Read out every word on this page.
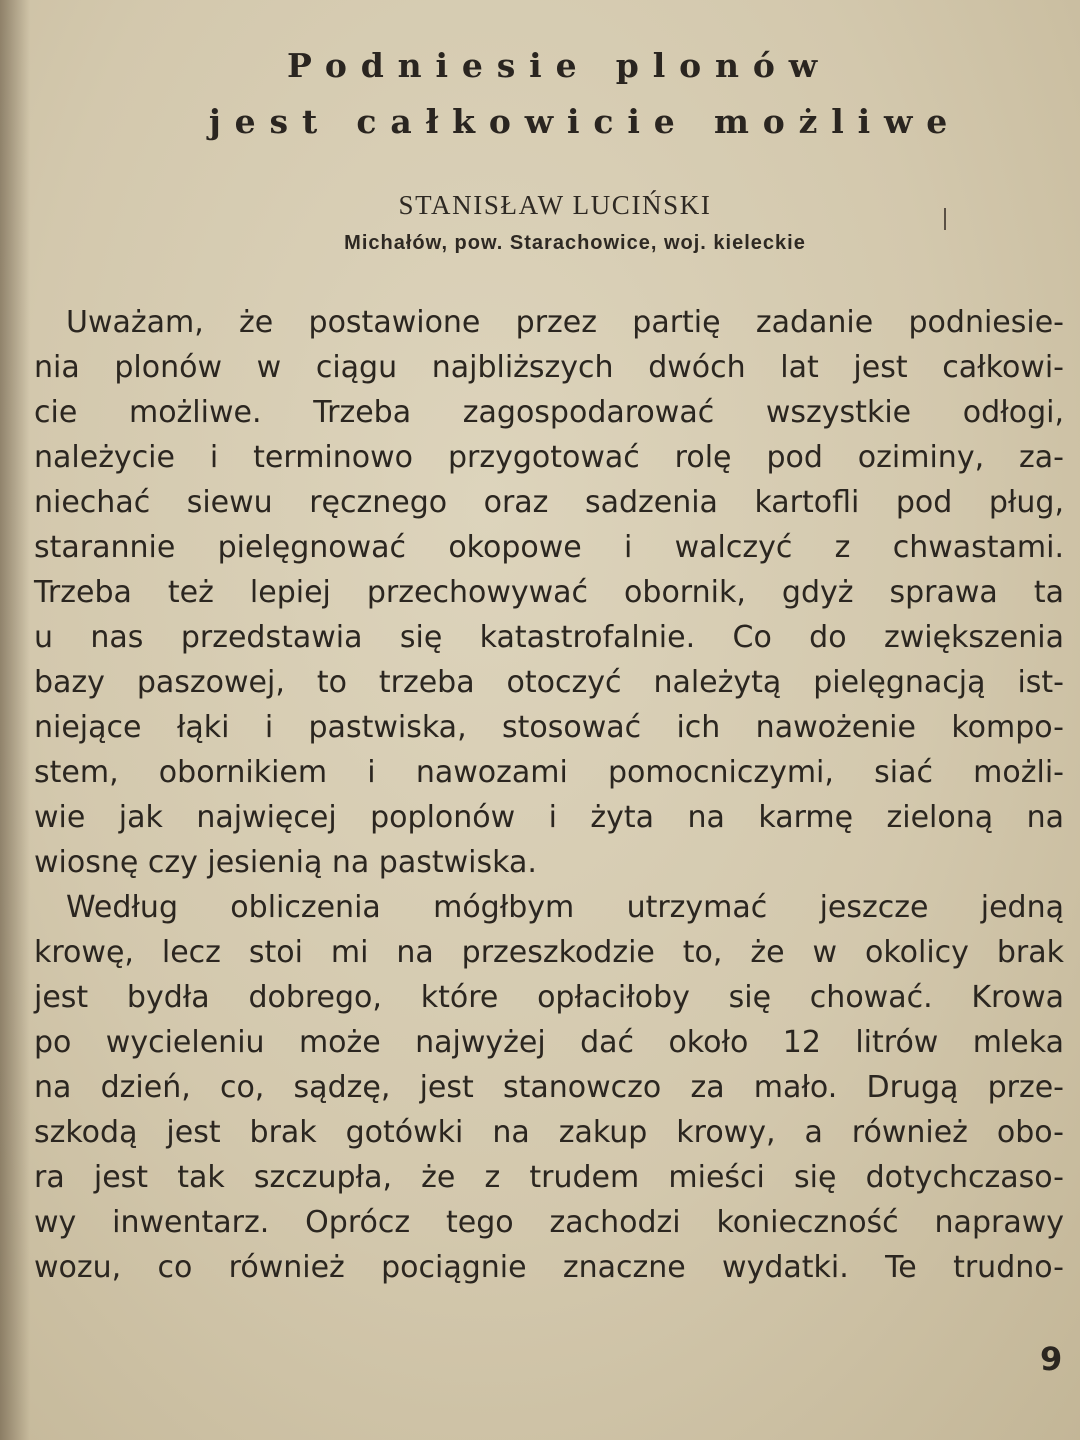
Podniesie plonów
jest całkowicie możliwe
STANISŁAW LUCIŃSKI
Michałów, pow. Starachowice, woj. kieleckie
Uważam, że postawione przez partię zadanie podniesie-
nia plonów w ciągu najbliższych dwóch lat jest całkowi-
cie możliwe. Trzeba zagospodarować wszystkie odłogi,
należycie i terminowo przygotować rolę pod oziminy, za-
niechać siewu ręcznego oraz sadzenia kartofli pod pług,
starannie pielęgnować okopowe i walczyć z chwastami.
Trzeba też lepiej przechowywać obornik, gdyż sprawa ta
u nas przedstawia się katastrofalnie. Co do zwiększenia
bazy paszowej, to trzeba otoczyć należytą pielęgnacją ist-
niejące łąki i pastwiska, stosować ich nawożenie kompo-
stem, obornikiem i nawozami pomocniczymi, siać możli-
wie jak najwięcej poplonów i żyta na karmę zieloną na
wiosnę czy jesienią na pastwiska.
Według obliczenia mógłbym utrzymać jeszcze jedną
krowę, lecz stoi mi na przeszkodzie to, że w okolicy brak
jest bydła dobrego, które opłaciłoby się chować. Krowa
po wycieleniu może najwyżej dać około 12 litrów mleka
na dzień, co, sądzę, jest stanowczo za mało. Drugą prze-
szkodą jest brak gotówki na zakup krowy, a również obo-
ra jest tak szczupła, że z trudem mieści się dotychczaso-
wy inwentarz. Oprócz tego zachodzi konieczność naprawy
wozu, co również pociągnie znaczne wydatki. Te trudno-
9
